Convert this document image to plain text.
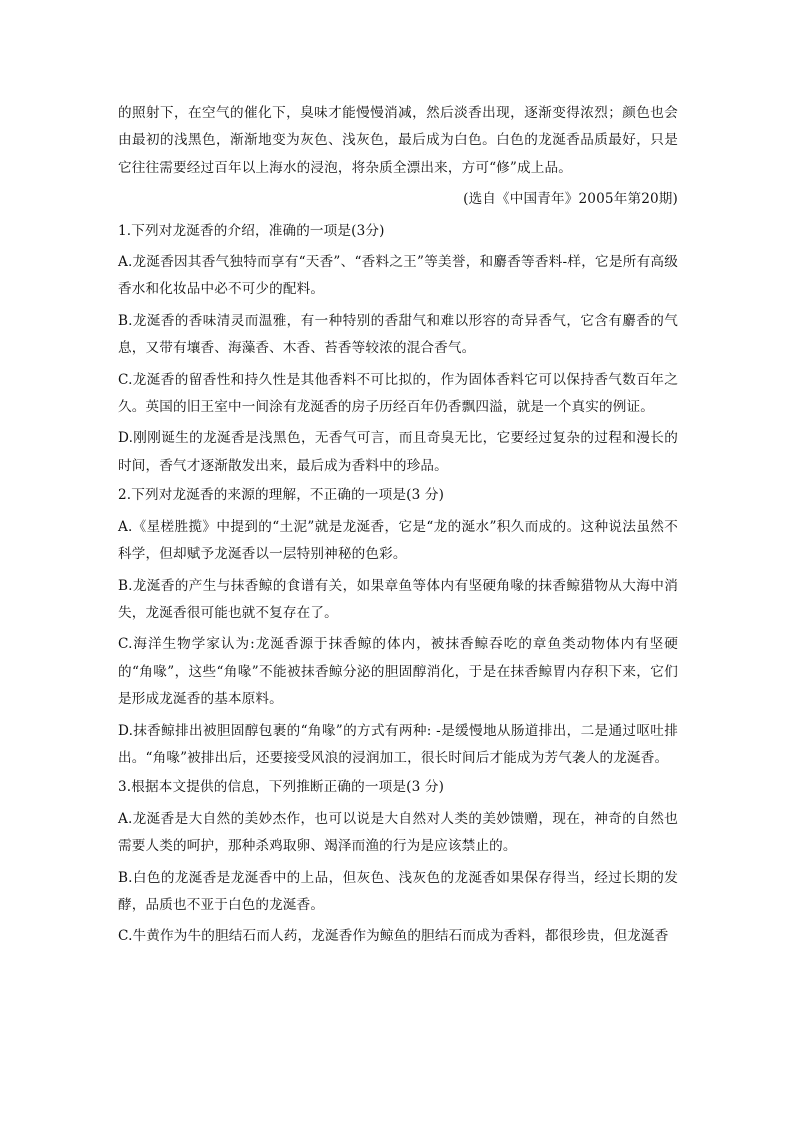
的照射下，在空气的催化下，臭味才能慢慢消减，然后淡香出现，逐渐变得浓烈；颜色也会由最初的浅黑色，渐渐地变为灰色、浅灰色，最后成为白色。白色的龙涎香品质最好，只是它往往需要经过百年以上海水的浸泡，将杂质全漂出来，方可“修”成上品。

(选自《中国青年》2005年第20期)

1.下列对龙涎香的介绍，准确的一项是(3分)

A.龙涎香因其香气独特而享有“天香”、“香料之王”等美誉，和麝香等香料-样，它是所有高级香水和化妆品中必不可少的配料。

B.龙涎香的香味清灵而温雅，有一种特别的香甜气和难以形容的奇异香气，它含有麝香的气息，又带有壤香、海藻香、木香、苔香等较浓的混合香气。

C.龙涎香的留香性和持久性是其他香料不可比拟的，作为固体香料它可以保持香气数百年之久。英国的旧王室中一间涂有龙涎香的房子历经百年仍香飘四溢，就是一个真实的例证。

D.刚刚诞生的龙涎香是浅黑色，无香气可言，而且奇臭无比，它要经过复杂的过程和漫长的时间，香气才逐渐散发出来，最后成为香料中的珍品。

2.下列对龙涎香的来源的理解，不正确的一项是(3 分)

A.《星槎胜揽》中提到的“土泥”就是龙涎香，它是“龙的涎水”积久而成的。这种说法虽然不科学，但却赋予龙涎香以一层特别神秘的色彩。

B.龙涎香的产生与抹香鲸的食谱有关，如果章鱼等体内有坚硬角喙的抹香鲸猎物从大海中消失，龙涎香很可能也就不复存在了。

C.海洋生物学家认为:龙涎香源于抹香鲸的体内，被抹香鲸吞吃的章鱼类动物体内有坚硬的“角喙”，这些“角喙”不能被抹香鲸分泌的胆固醇消化，于是在抹香鲸胃内存积下来，它们是形成龙涎香的基本原料。

D.抹香鲸排出被胆固醇包裹的“角喙”的方式有两种: -是缓慢地从肠道排出，二是通过呕吐排出。“角喙”被排出后，还要接受风浪的浸润加工，很长时间后才能成为芳气袭人的龙涎香。

3.根据本文提供的信息，下列推断正确的一项是(3 分)

A.龙涎香是大自然的美妙杰作，也可以说是大自然对人类的美妙馈赠，现在，神奇的自然也需要人类的呵护，那种杀鸡取卵、竭泽而渔的行为是应该禁止的。

B.白色的龙涎香是龙涎香中的上品，但灰色、浅灰色的龙涎香如果保存得当，经过长期的发酵，品质也不亚于白色的龙涎香。

C.牛黄作为牛的胆结石而人药，龙涎香作为鲸鱼的胆结石而成为香料，都很珍贵，但龙涎香
